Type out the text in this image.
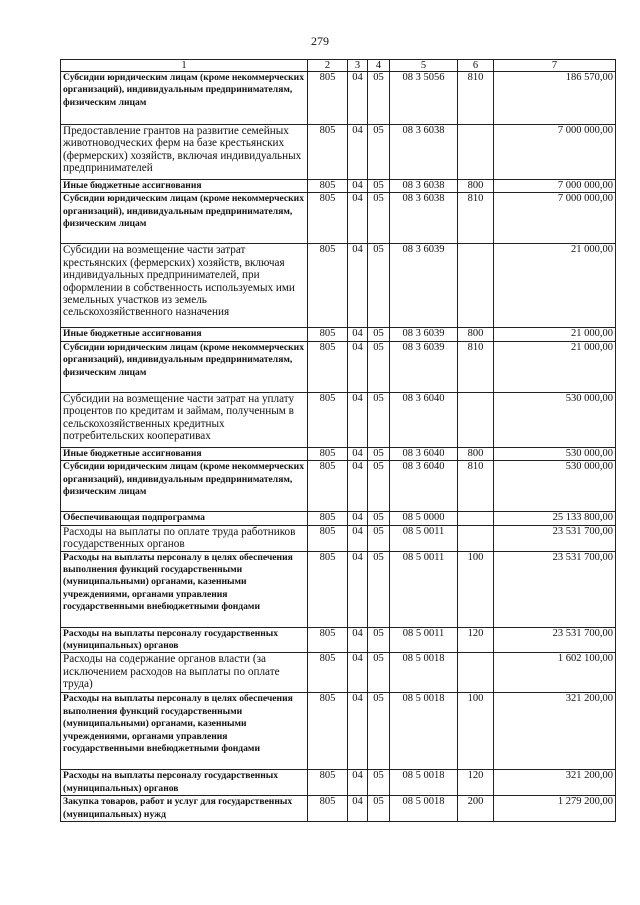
279
1	2	3	4	5	6	7
Субсидии юридическим лицам (кроме некоммерческих организаций), индивидуальным предпринимателям, физическим лицам	805	04	05	08 3 5056	810	186 570,00
Предоставление грантов на развитие семейных животноводческих ферм на базе крестьянских (фермерских) хозяйств, включая индивидуальных предпринимателей	805	04	05	08 3 6038		7 000 000,00
Иные бюджетные ассигнования	805	04	05	08 3 6038	800	7 000 000,00
Субсидии юридическим лицам (кроме некоммерческих организаций), индивидуальным предпринимателям, физическим лицам	805	04	05	08 3 6038	810	7 000 000,00
Субсидии на возмещение части затрат крестьянских (фермерских) хозяйств, включая индивидуальных предпринимателей, при оформлении в собственность используемых ими земельных участков из земель сельскохозяйственного назначения	805	04	05	08 3 6039		21 000,00
Иные бюджетные ассигнования	805	04	05	08 3 6039	800	21 000,00
Субсидии юридическим лицам (кроме некоммерческих организаций), индивидуальным предпринимателям, физическим лицам	805	04	05	08 3 6039	810	21 000,00
Субсидии на возмещение части затрат на уплату процентов по кредитам и займам, полученным в сельскохозяйственных кредитных потребительских кооперативах	805	04	05	08 3 6040		530 000,00
Иные бюджетные ассигнования	805	04	05	08 3 6040	800	530 000,00
Субсидии юридическим лицам (кроме некоммерческих организаций), индивидуальным предпринимателям, физическим лицам	805	04	05	08 3 6040	810	530 000,00
Обеспечивающая подпрограмма	805	04	05	08 5 0000		25 133 800,00
Расходы на выплаты по оплате труда работников государственных органов	805	04	05	08 5 0011		23 531 700,00
Расходы на выплаты персоналу в целях обеспечения выполнения функций государственными (муниципальными) органами, казенными учреждениями, органами управления государственными внебюджетными фондами	805	04	05	08 5 0011	100	23 531 700,00
Расходы на выплаты персоналу государственных (муниципальных) органов	805	04	05	08 5 0011	120	23 531 700,00
Расходы на содержание органов власти (за исключением расходов на выплаты по оплате труда)	805	04	05	08 5 0018		1 602 100,00
Расходы на выплаты персоналу в целях обеспечения выполнения функций государственными (муниципальными) органами, казенными учреждениями, органами управления государственными внебюджетными фондами	805	04	05	08 5 0018	100	321 200,00
Расходы на выплаты персоналу государственных (муниципальных) органов	805	04	05	08 5 0018	120	321 200,00
Закупка товаров, работ и услуг для государственных (муниципальных) нужд	805	04	05	08 5 0018	200	1 279 200,00
